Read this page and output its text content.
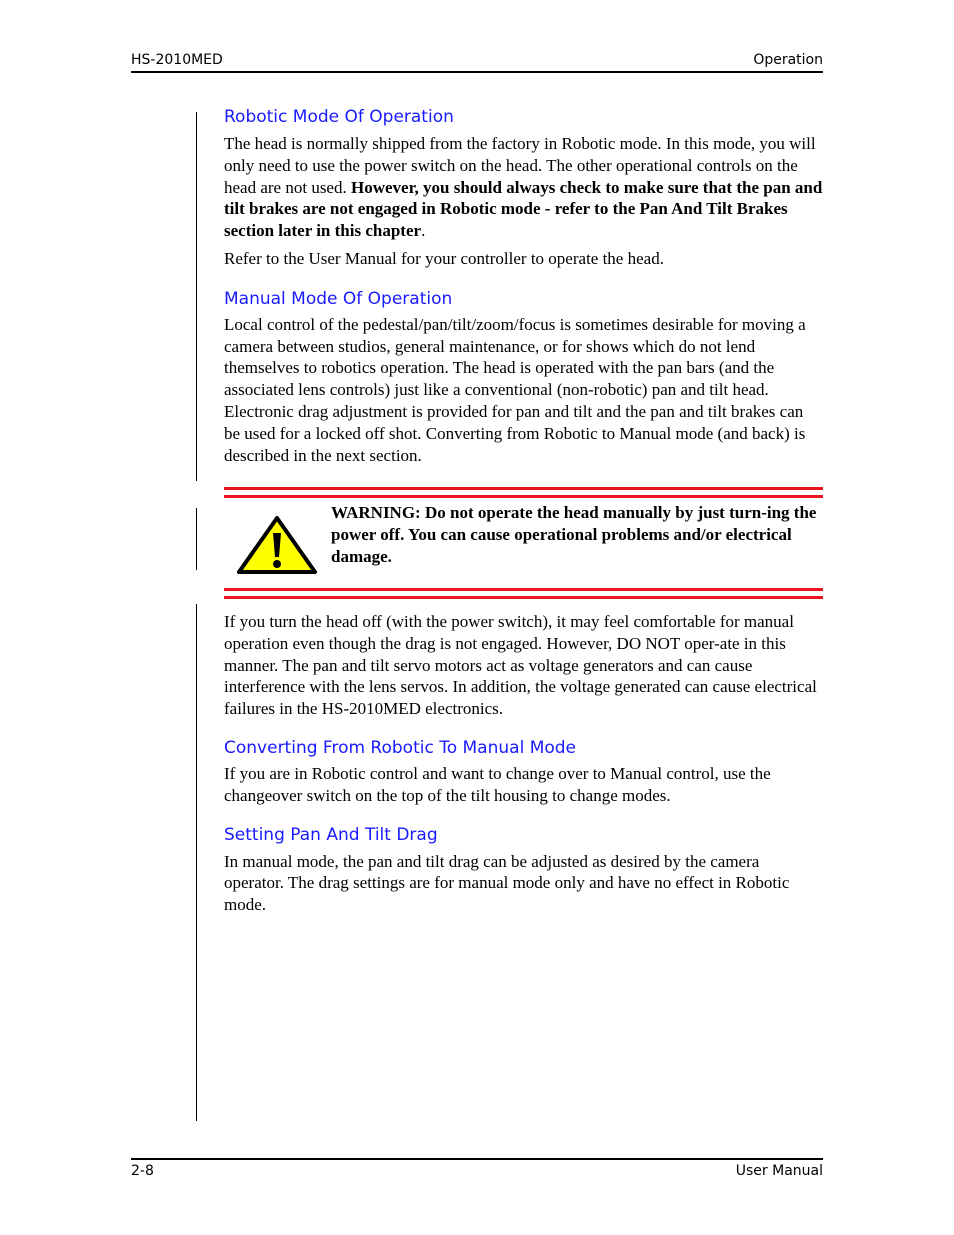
HS-2010MED	Operation
Robotic Mode Of Operation

The head is normally shipped from the factory in Robotic mode. In this mode, you will only need to use the power switch on the head. The other operational controls on the head are not used. However, you should always check to make sure that the pan and tilt brakes are not engaged in Robotic mode - refer to the Pan And Tilt Brakes section later in this chapter.

Refer to the User Manual for your controller to operate the head.

Manual Mode Of Operation

Local control of the pedestal/pan/tilt/zoom/focus is sometimes desirable for moving a camera between studios, general maintenance, or for shows which do not lend themselves to robotics operation. The head is operated with the pan bars (and the associated lens controls) just like a conventional (non-robotic) pan and tilt head. Electronic drag adjustment is provided for pan and tilt and the pan and tilt brakes can be used for a locked off shot. Converting from Robotic to Manual mode (and back) is described in the next section.

WARNING: Do not operate the head manually by just turn-ing the power off. You can cause operational problems and/or electrical damage.

If you turn the head off (with the power switch), it may feel comfortable for manual operation even though the drag is not engaged. However, DO NOT oper-ate in this manner. The pan and tilt servo motors act as voltage generators and can cause interference with the lens servos. In addition, the voltage generated can cause electrical failures in the HS-2010MED electronics.

Converting From Robotic To Manual Mode

If you are in Robotic control and want to change over to Manual control, use the changeover switch on the top of the tilt housing to change modes.

Setting Pan And Tilt Drag

In manual mode, the pan and tilt drag can be adjusted as desired by the camera operator. The drag settings are for manual mode only and have no effect in Robotic mode.

2-8	User Manual
